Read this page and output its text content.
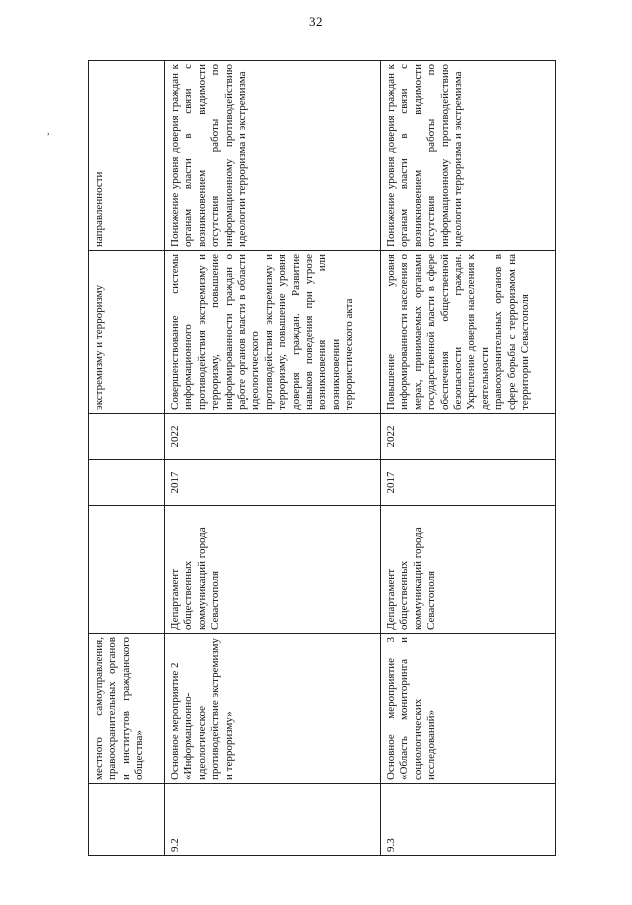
32
,
	местного самоуправления, правоохранительных органов и институтов гражданского общества»				экстремизму и терроризму	направленности
9.2	Основное мероприятие 2 «Информационно-идеологическое противодействие экстремизму и терроризму»	Департамент общественных коммуникаций города Севастополя	2017	2022	Совершенствование системы информационного противодействия экстремизму и терроризму, повышение информированности граждан о работе органов власти в области идеологического противодействия экстремизму и терроризму, повышение уровня доверия граждан. Развитие навыков поведения при угрозе возникновения или возникновении террористического акта	Понижение уровня доверия граждан к органам власти в связи с возникновением видимости отсутствия работы по информационному противодействию идеологии терроризма и экстремизма
9.3	Основное мероприятие 3 «Область мониторинга и социологических исследований»	Департамент общественных коммуникаций города Севастополя	2017	2022	Повышение уровня информированности населения о мерах, принимаемых органами государственной власти в сфере обеспечения общественной безопасности граждан. Укрепление доверия населения к деятельности правоохранительных органов в сфере борьбы с терроризмом на территории Севастополя	Понижение уровня доверия граждан к органам власти в связи с возникновением видимости отсутствия работы по информационному противодействию идеологии терроризма и экстремизма
